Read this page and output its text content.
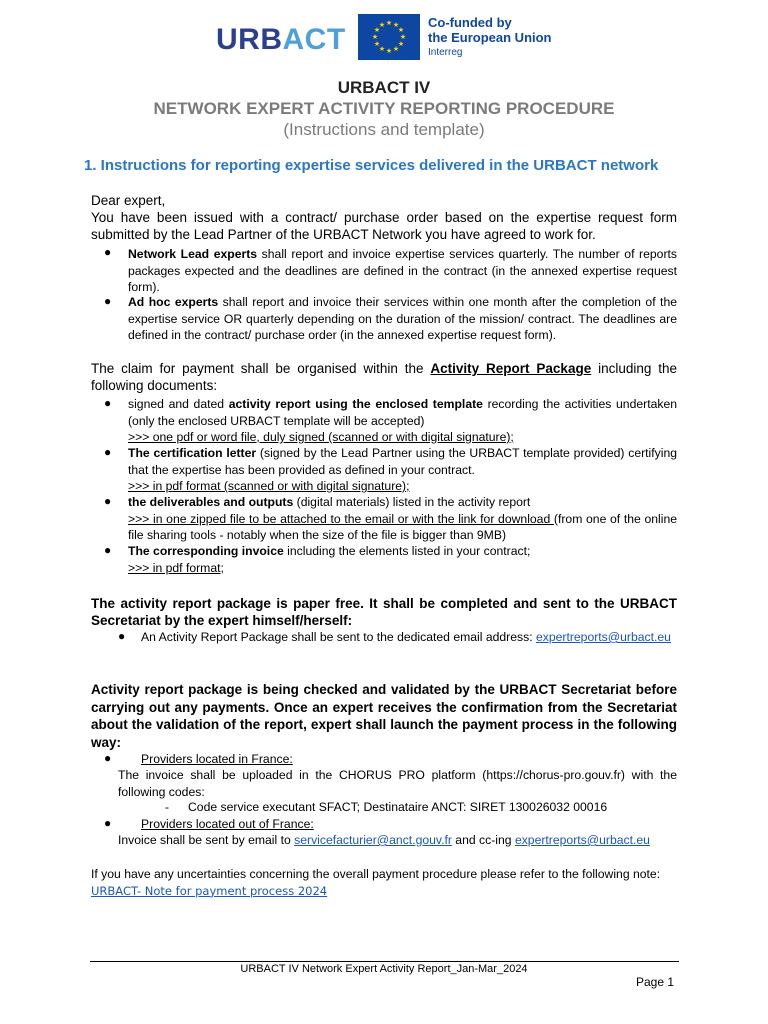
URBACT	★ ★
★
★
★
★
★
★
★
★
★
★	Co-funded by
the European Union
Interreg
URBACT IV
NETWORK EXPERT ACTIVITY REPORTING PROCEDURE
(Instructions and template)
1. Instructions for reporting expertise services delivered in the URBACT network
Dear expert,
You have been issued with a contract/ purchase order based on the expertise request form submitted by the Lead Partner of the URBACT Network you have agreed to work for.
● Network Lead experts shall report and invoice expertise services quarterly. The number of reports packages expected and the deadlines are defined in the contract (in the annexed expertise request form).
● Ad hoc experts shall report and invoice their services within one month after the completion of the expertise service OR quarterly depending on the duration of the mission/ contract. The deadlines are defined in the contract/ purchase order (in the annexed expertise request form).
The claim for payment shall be organised within the Activity Report Package including the following documents:
● signed and dated activity report using the enclosed template recording the activities undertaken (only the enclosed URBACT template will be accepted)
>>> one pdf or word file, duly signed (scanned or with digital signature);
● The certification letter (signed by the Lead Partner using the URBACT template provided) certifying that the expertise has been provided as defined in your contract.
>>> in pdf format (scanned or with digital signature);
● the deliverables and outputs (digital materials) listed in the activity report
>>> in one zipped file to be attached to the email or with the link for download (from one of the online file sharing tools - notably when the size of the file is bigger than 9MB)
● The corresponding invoice including the elements listed in your contract;
>>> in pdf format;
The activity report package is paper free. It shall be completed and sent to the URBACT Secretariat by the expert himself/herself:
● An Activity Report Package shall be sent to the dedicated email address: expertreports@urbact.eu
Activity report package is being checked and validated by the URBACT Secretariat before carrying out any payments. Once an expert receives the confirmation from the Secretariat about the validation of the report, expert shall launch the payment process in the following way:
● Providers located in France:
The invoice shall be uploaded in the CHORUS PRO platform (https://chorus-pro.gouv.fr) with the following codes:
- Code service executant SFACT; Destinataire ANCT: SIRET 130026032 00016
● Providers located out of France:
Invoice shall be sent by email to servicefacturier@anct.gouv.fr and cc-ing expertreports@urbact.eu
If you have any uncertainties concerning the overall payment procedure please refer to the following note: URBACT- Note for payment process 2024
URBACT IV Network Expert Activity Report_Jan-Mar_2024
Page 1
